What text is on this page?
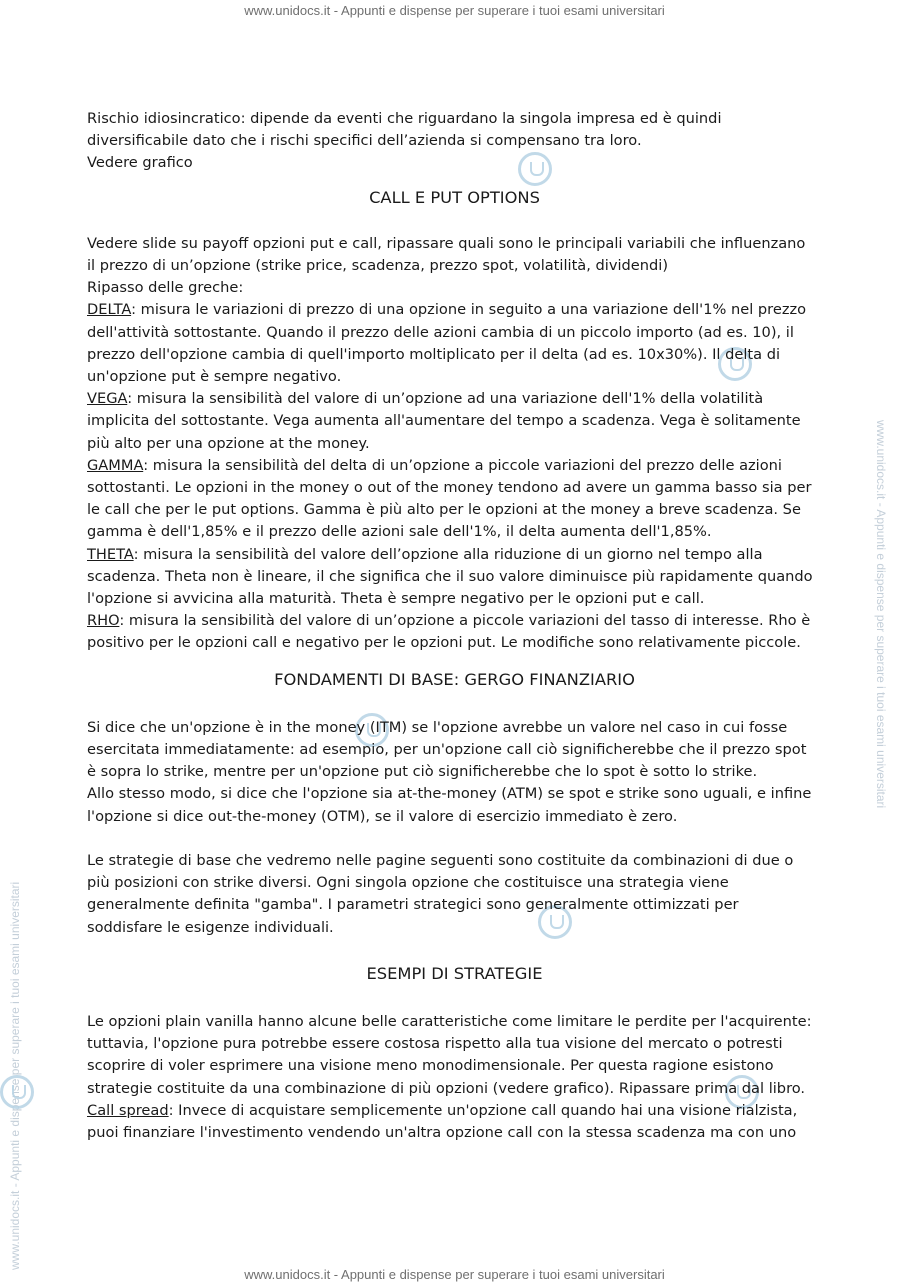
www.unidocs.it - Appunti e dispense per superare i tuoi esami universitari
www.unidocs.it - Appunti e dispense per superare i tuoi esami universitari
www.unidocs.it - Appunti e dispense per superare i tuoi esami universitari

Rischio idiosincratico: dipende da eventi che riguardano la singola impresa ed è quindi

diversificabile dato che i rischi specifici dell’azienda si compensano tra loro.

Vedere grafico

CALL E PUT OPTIONS

Vedere slide su payoff opzioni put e call, ripassare quali sono le principali variabili che influenzano

il prezzo di un’opzione (strike price, scadenza, prezzo spot, volatilità, dividendi)

Ripasso delle greche:

DELTA: misura le variazioni di prezzo di una opzione in seguito a una variazione dell'1% nel prezzo

dell'attività sottostante. Quando il prezzo delle azioni cambia di un piccolo importo (ad es. 10), il

prezzo dell'opzione cambia di quell'importo moltiplicato per il delta (ad es. 10x30%). Il delta di

un'opzione put è sempre negativo.

VEGA: misura la sensibilità del valore di un’opzione ad una variazione dell'1% della volatilità

implicita del sottostante. Vega aumenta all'aumentare del tempo a scadenza. Vega è solitamente

più alto per una opzione at the money.

GAMMA: misura la sensibilità del delta di un’opzione a piccole variazioni del prezzo delle azioni

sottostanti. Le opzioni in the money o out of the money tendono ad avere un gamma basso sia per

le call che per le put options. Gamma è più alto per le opzioni at the money a breve scadenza. Se

gamma è dell'1,85% e il prezzo delle azioni sale dell'1%, il delta aumenta dell'1,85%.

THETA: misura la sensibilità del valore dell’opzione alla riduzione di un giorno nel tempo alla

scadenza. Theta non è lineare, il che significa che il suo valore diminuisce più rapidamente quando

l'opzione si avvicina alla maturità. Theta è sempre negativo per le opzioni put e call.

RHO: misura la sensibilità del valore di un’opzione a piccole variazioni del tasso di interesse. Rho è

positivo per le opzioni call e negativo per le opzioni put. Le modifiche sono relativamente piccole.

FONDAMENTI DI BASE: GERGO FINANZIARIO

Si dice che un'opzione è in the money (ITM) se l'opzione avrebbe un valore nel caso in cui fosse

esercitata immediatamente: ad esempio, per un'opzione call ciò significherebbe che il prezzo spot

è sopra lo strike, mentre per un'opzione put ciò significherebbe che lo spot è sotto lo strike.

Allo stesso modo, si dice che l'opzione sia at-the-money (ATM) se spot e strike sono uguali, e infine

l'opzione si dice out-the-money (OTM), se il valore di esercizio immediato è zero.

Le strategie di base che vedremo nelle pagine seguenti sono costituite da combinazioni di due o

più posizioni con strike diversi. Ogni singola opzione che costituisce una strategia viene

generalmente definita "gamba". I parametri strategici sono generalmente ottimizzati per

soddisfare le esigenze individuali.

ESEMPI DI STRATEGIE

Le opzioni plain vanilla hanno alcune belle caratteristiche come limitare le perdite per l'acquirente:

tuttavia, l'opzione pura potrebbe essere costosa rispetto alla tua visione del mercato o potresti

scoprire di voler esprimere una visione meno monodimensionale. Per questa ragione esistono

strategie costituite da una combinazione di più opzioni (vedere grafico). Ripassare prima dal libro.

Call spread: Invece di acquistare semplicemente un'opzione call quando hai una visione rialzista,

puoi finanziare l'investimento vendendo un'altra opzione call con la stessa scadenza ma con uno

www.unidocs.it - Appunti e dispense per superare i tuoi esami universitari
